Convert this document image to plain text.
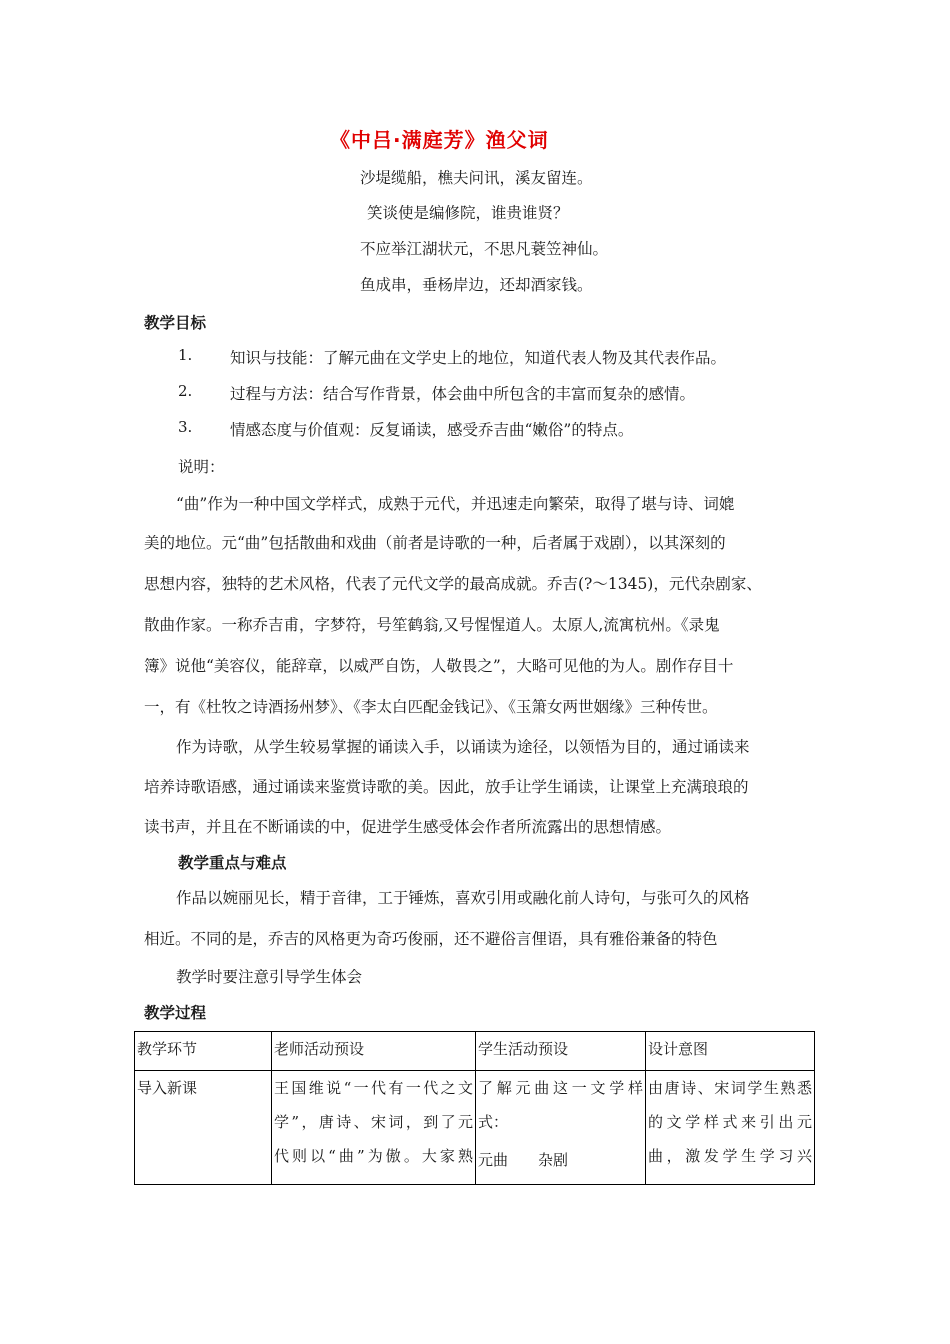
《中吕·满庭芳》渔父词
沙堤缆船，樵夫问讯，溪友留连。
笑谈使是编修院，谁贵谁贤？
不应举江湖状元，不思凡蓑笠神仙。
鱼成串，垂杨岸边，还却酒家钱。
教学目标
1. 知识与技能：了解元曲在文学史上的地位，知道代表人物及其代表作品。
2. 过程与方法：结合写作背景，体会曲中所包含的丰富而复杂的感情。
3. 情感态度与价值观：反复诵读，感受乔吉曲“嫩俗”的特点。
说明：
“曲”作为一种中国文学样式，成熟于元代，并迅速走向繁荣，取得了堪与诗、词媲
美的地位。元“曲”包括散曲和戏曲（前者是诗歌的一种，后者属于戏剧），以其深刻的
思想内容，独特的艺术风格，代表了元代文学的最高成就。乔吉(?～1345)，元代杂剧家、
散曲作家。一称乔吉甫，字梦符，号笙鹤翁,又号惺惺道人。太原人,流寓杭州。《录鬼
簿》说他“美容仪，能辞章，以威严自饬，人敬畏之”，大略可见他的为人。剧作存目十
一，有《杜牧之诗酒扬州梦》、《李太白匹配金钱记》、《玉箫女两世姻缘》三种传世。
作为诗歌，从学生较易掌握的诵读入手，以诵读为途径，以领悟为目的，通过诵读来
培养诗歌语感，通过诵读来鉴赏诗歌的美。因此，放手让学生诵读，让课堂上充满琅琅的
读书声，并且在不断诵读的中，促进学生感受体会作者所流露出的思想情感。
教学重点与难点
作品以婉丽见长，精于音律，工于锤炼，喜欢引用或融化前人诗句，与张可久的风格
相近。不同的是，乔吉的风格更为奇巧俊丽，还不避俗言俚语，具有雅俗兼备的特色
教学时要注意引导学生体会
教学过程
教学环节	老师活动预设	学生活动预设	设计意图
导入新课	王国维说“一代有一代之文
学”，唐诗、宋词，到了元
代则以“曲”为傲。大家熟	了解元曲这一文学样
式：
元曲　　杂剧	由唐诗、宋词学生熟悉
的文学样式来引出元
曲，激发学生学习兴
